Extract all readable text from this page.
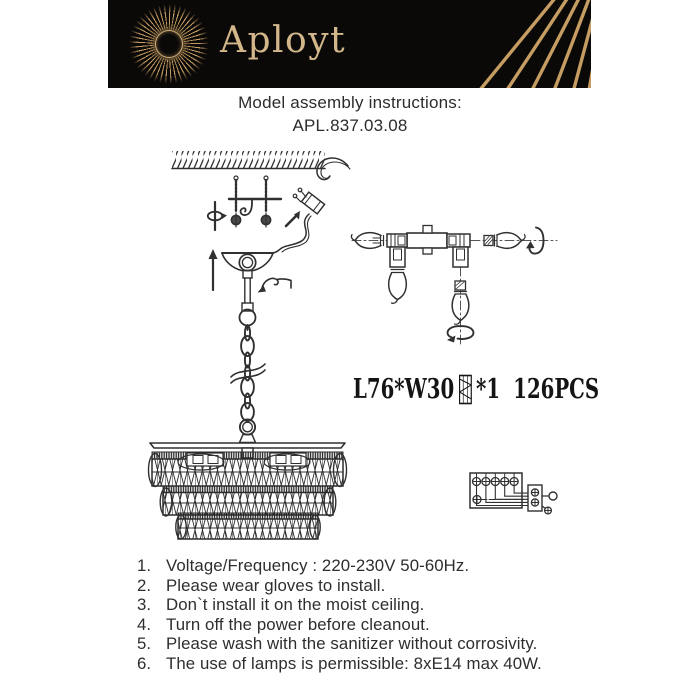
Aployt
Model assembly instructions:
APL.837.03.08
L76*W30 *1 126PCS
1. Voltage/Frequency : 220-230V 50-60Hz.
2. Please wear gloves to install.
3. Don`t install it on the moist ceiling.
4. Turn off the power before cleanout.
5. Please wash with the sanitizer without corrosivity.
6. The use of lamps is permissible: 8xE14 max 40W.
